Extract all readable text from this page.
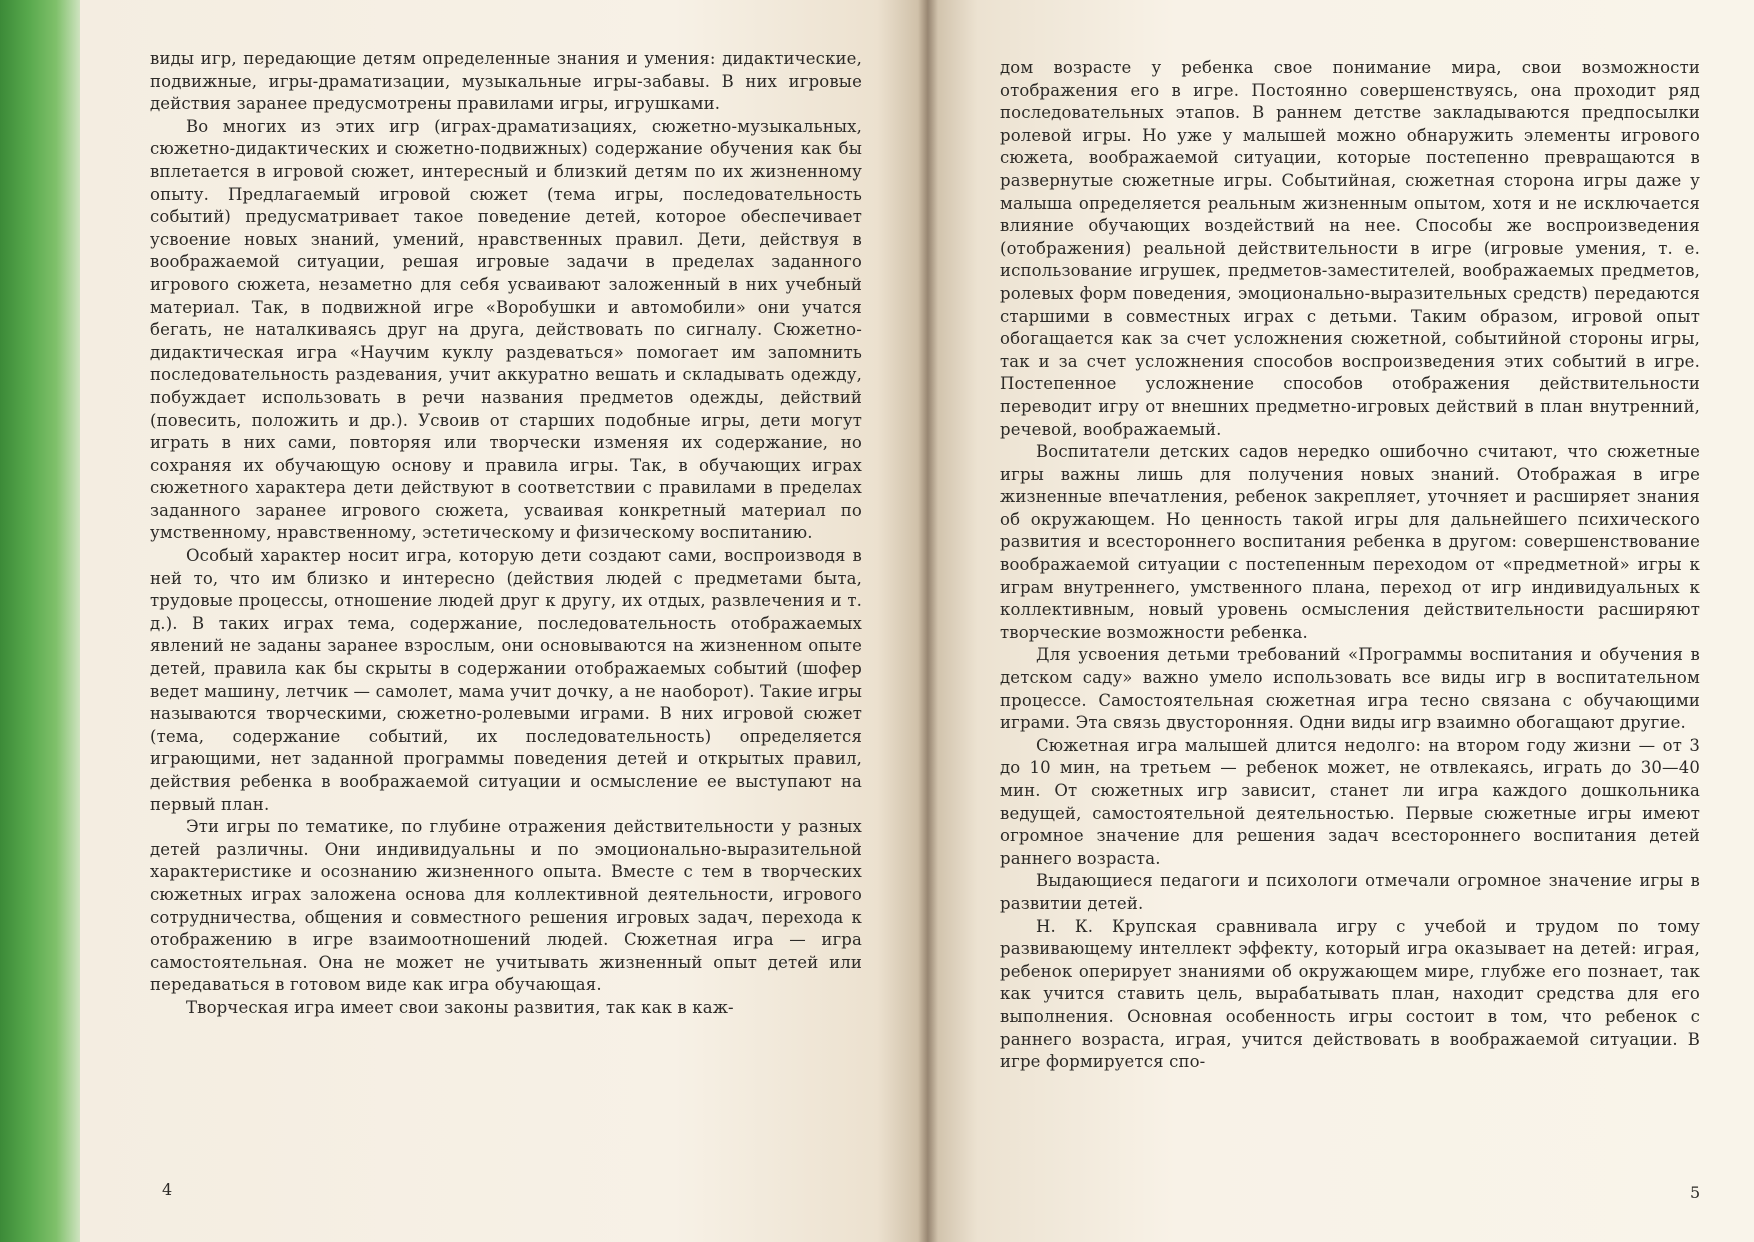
виды игр, передающие детям определенные знания и умения: дидактические, подвижные, игры-драматизации, музыкальные игры-забавы. В них игровые действия заранее предусмотрены правилами игры, игрушками.

Во многих из этих игр (играх-драматизациях, сюжетно-музыкальных, сюжетно-дидактических и сюжетно-подвижных) содержание обучения как бы вплетается в игровой сюжет, интересный и близкий детям по их жизненному опыту. Предлагаемый игровой сюжет (тема игры, последовательность событий) предусматривает такое поведение детей, которое обеспечивает усвоение новых знаний, умений, нравственных правил. Дети, действуя в воображаемой ситуации, решая игровые задачи в пределах заданного игрового сюжета, незаметно для себя усваивают заложенный в них учебный материал. Так, в подвижной игре «Воробушки и автомобили» они учатся бегать, не наталкиваясь друг на друга, действовать по сигналу. Сюжетно-дидактическая игра «Научим куклу раздеваться» помогает им запомнить последовательность раздевания, учит аккуратно вешать и складывать одежду, побуждает использовать в речи названия предметов одежды, действий (повесить, положить и др.). Усвоив от старших подобные игры, дети могут играть в них сами, повторяя или творчески изменяя их содержание, но сохраняя их обучающую основу и правила игры. Так, в обучающих играх сюжетного характера дети действуют в соответствии с правилами в пределах заданного заранее игрового сюжета, усваивая конкретный материал по умственному, нравственному, эстетическому и физическому воспитанию.

Особый характер носит игра, которую дети создают сами, воспроизводя в ней то, что им близко и интересно (действия людей с предметами быта, трудовые процессы, отношение людей друг к другу, их отдых, развлечения и т. д.). В таких играх тема, содержание, последовательность отображаемых явлений не заданы заранее взрослым, они основываются на жизненном опыте детей, правила как бы скрыты в содержании отображаемых событий (шофер ведет машину, летчик — самолет, мама учит дочку, а не наоборот). Такие игры называются творческими, сюжетно-ролевыми играми. В них игровой сюжет (тема, содержание событий, их последовательность) определяется играющими, нет заданной программы поведения детей и открытых правил, действия ребенка в воображаемой ситуации и осмысление ее выступают на первый план.

Эти игры по тематике, по глубине отражения действительности у разных детей различны. Они индивидуальны и по эмоционально-выразительной характеристике и осознанию жизненного опыта. Вместе с тем в творческих сюжетных играх заложена основа для коллективной деятельности, игрового сотрудничества, общения и совместного решения игровых задач, перехода к отображению в игре взаимоотношений людей. Сюжетная игра — игра самостоятельная. Она не может не учитывать жизненный опыт детей или передаваться в готовом виде как игра обучающая.

Творческая игра имеет свои законы развития, так как в каж-

дом возрасте у ребенка свое понимание мира, свои возможности отображения его в игре. Постоянно совершенствуясь, она проходит ряд последовательных этапов. В раннем детстве закладываются предпосылки ролевой игры. Но уже у малышей можно обнаружить элементы игрового сюжета, воображаемой ситуации, которые постепенно превращаются в развернутые сюжетные игры. Событийная, сюжетная сторона игры даже у малыша определяется реальным жизненным опытом, хотя и не исключается влияние обучающих воздействий на нее. Способы же воспроизведения (отображения) реальной действительности в игре (игровые умения, т. е. использование игрушек, предметов-заместителей, воображаемых предметов, ролевых форм поведения, эмоционально-выразительных средств) передаются старшими в совместных играх с детьми. Таким образом, игровой опыт обогащается как за счет усложнения сюжетной, событийной стороны игры, так и за счет усложнения способов воспроизведения этих событий в игре. Постепенное усложнение способов отображения действительности переводит игру от внешних предметно-игровых действий в план внутренний, речевой, воображаемый.

Воспитатели детских садов нередко ошибочно считают, что сюжетные игры важны лишь для получения новых знаний. Отображая в игре жизненные впечатления, ребенок закрепляет, уточняет и расширяет знания об окружающем. Но ценность такой игры для дальнейшего психического развития и всестороннего воспитания ребенка в другом: совершенствование воображаемой ситуации с постепенным переходом от «предметной» игры к играм внутреннего, умственного плана, переход от игр индивидуальных к коллективным, новый уровень осмысления действительности расширяют творческие возможности ребенка.

Для усвоения детьми требований «Программы воспитания и обучения в детском саду» важно умело использовать все виды игр в воспитательном процессе. Самостоятельная сюжетная игра тесно связана с обучающими играми. Эта связь двусторонняя. Одни виды игр взаимно обогащают другие.

Сюжетная игра малышей длится недолго: на втором году жизни — от 3 до 10 мин, на третьем — ребенок может, не отвлекаясь, играть до 30—40 мин. От сюжетных игр зависит, станет ли игра каждого дошкольника ведущей, самостоятельной деятельностью. Первые сюжетные игры имеют огромное значение для решения задач всестороннего воспитания детей раннего возраста.

Выдающиеся педагоги и психологи отмечали огромное значение игры в развитии детей.

Н. К. Крупская сравнивала игру с учебой и трудом по тому развивающему интеллект эффекту, который игра оказывает на детей: играя, ребенок оперирует знаниями об окружающем мире, глубже его познает, так как учится ставить цель, вырабатывать план, находит средства для его выполнения. Основная особенность игры состоит в том, что ребенок с раннего возраста, играя, учится действовать в воображаемой ситуации. В игре формируется спо-

4	5
